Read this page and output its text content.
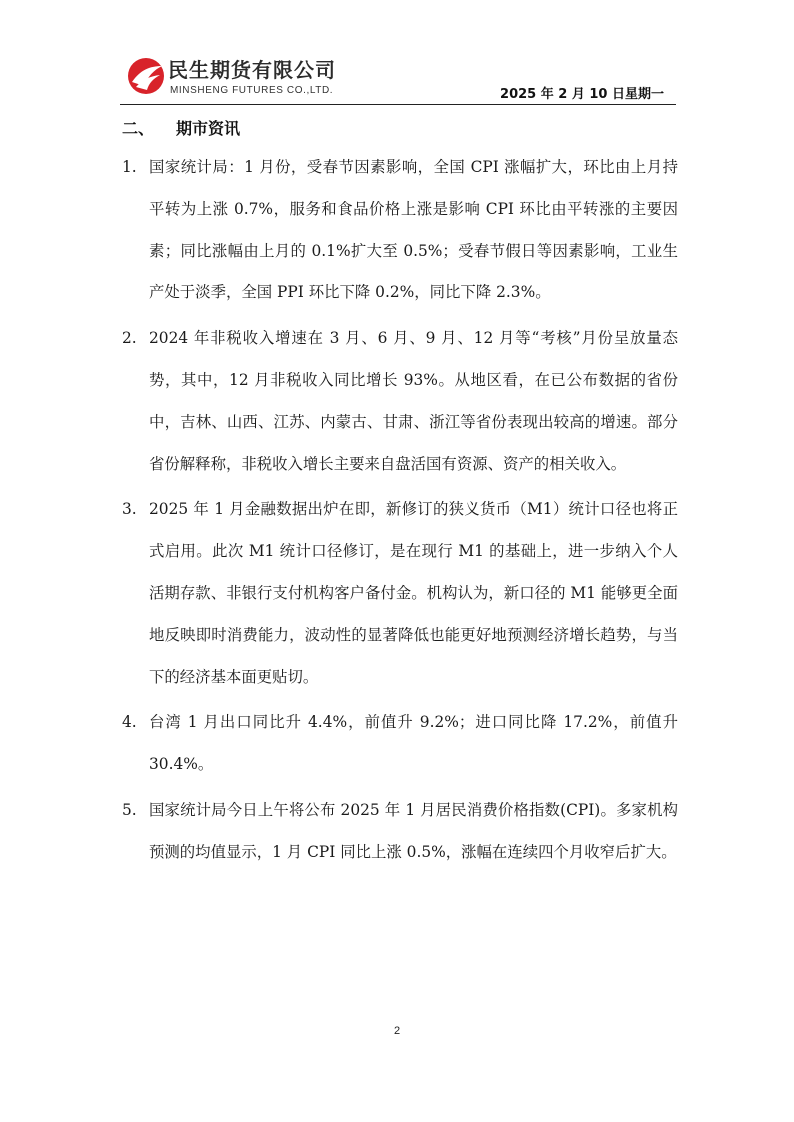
民生期货有限公司
MINSHENG FUTURES CO.,LTD.	2025 年 2 月 10 日星期一
二、 期市资讯
1. 国家统计局：1 月份，受春节因素影响，全国 CPI 涨幅扩大，环比由上月持平转为上涨 0.7%，服务和食品价格上涨是影响 CPI 环比由平转涨的主要因素；同比涨幅由上月的 0.1%扩大至 0.5%；受春节假日等因素影响，工业生产处于淡季，全国 PPI 环比下降 0.2%，同比下降 2.3%。
2. 2024 年非税收入增速在 3 月、6 月、9 月、12 月等“考核”月份呈放量态势，其中，12 月非税收入同比增长 93%。从地区看，在已公布数据的省份中，吉林、山西、江苏、内蒙古、甘肃、浙江等省份表现出较高的增速。部分省份解释称，非税收入增长主要来自盘活国有资源、资产的相关收入。
3. 2025 年 1 月金融数据出炉在即，新修订的狭义货币（M1）统计口径也将正式启用。此次 M1 统计口径修订，是在现行 M1 的基础上，进一步纳入个人活期存款、非银行支付机构客户备付金。机构认为，新口径的 M1 能够更全面地反映即时消费能力，波动性的显著降低也能更好地预测经济增长趋势，与当下的经济基本面更贴切。
4. 台湾 1 月出口同比升 4.4%，前值升 9.2%；进口同比降 17.2%，前值升 30.4%。
5. 国家统计局今日上午将公布 2025 年 1 月居民消费价格指数(CPI)。多家机构预测的均值显示，1 月 CPI 同比上涨 0.5%，涨幅在连续四个月收窄后扩大。
2
